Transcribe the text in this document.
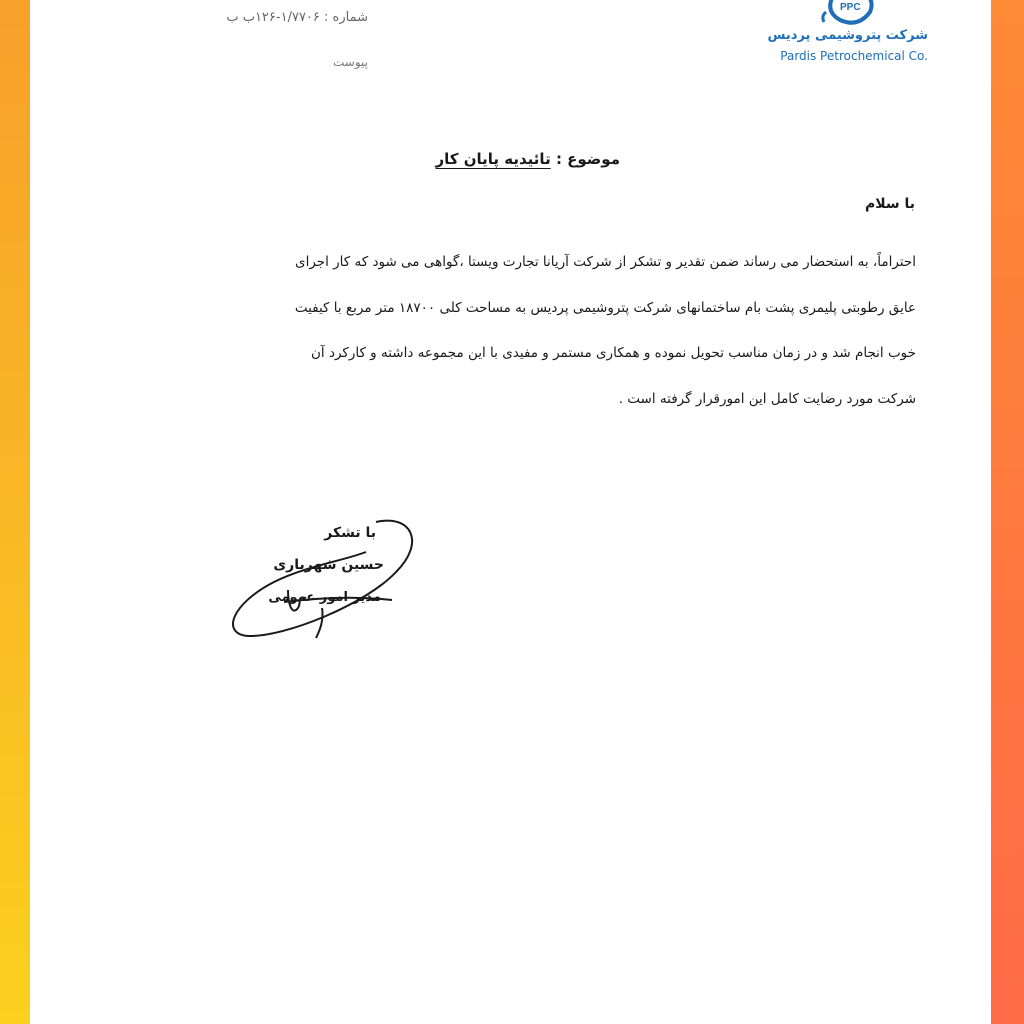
شماره : ۱/۷۷۰۶-۱۲۶ب ب
پیوست
PPC
شرکت پتروشیمی پردیس
Pardis Petrochemical Co.
موضوع : تائیدیه پایان کار
با سلام

احتراماً، به استحضار می رساند ضمن تقدیر و تشکر از شرکت آریانا تجارت ویستا ،گواهی می شود که کار اجرای

عایق رطوبتی پلیمری پشت بام ساختمانهای شرکت پتروشیمی پردیس به مساحت کلی ۱۸۷۰۰ متر مربع با کیفیت

خوب انجام شد و در زمان مناسب تحویل نموده و همکاری مستمر و مفیدی با این مجموعه داشته و کارکرد آن

شرکت مورد رضایت کامل این امورقرار گرفته است .

با تشکر
حسین شهریاری
مدیر امور عمومی
